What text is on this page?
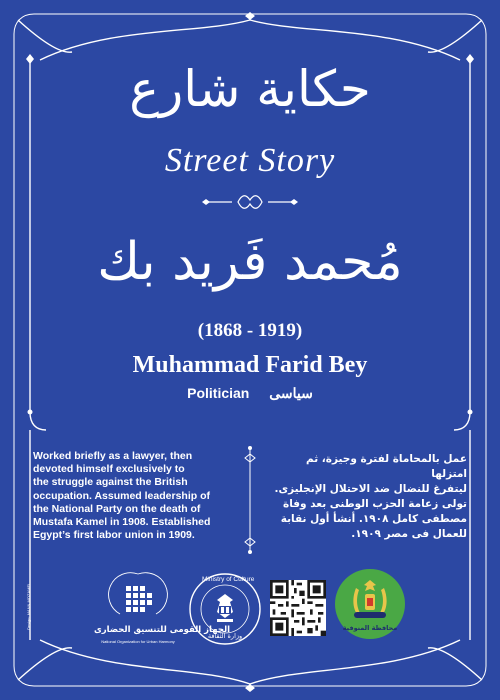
حكاية شارع
Street Story
مُحمد فَريد بك
(1868 - 1919)
Muhammad Farid Bey
Politician سياسى
Worked briefly as a lawyer, then
devoted himself exclusively to
the struggle against the British
occupation. Assumed leadership of
the National Party on the death of
Mustafa Kamel in 1908. Established
Egypt’s first labor union in 1909.
عمل بالمحاماة لفترة وجيزة، ثم امتزلها
ليتفرغ للنضال ضد الاحتلال الإنجليزى.
تولى زعامة الحزب الوطنى بعد وفاة
مصطفى كامل ١٩٠٨. أنشأ أول نقابة
للعمال فى مصر ١٩٠٩.
Design: MANN MOZAMEL	الجهاز القومى للتنسيق الحضارى
National Organization for Urban Harmony
Ministry of Culture
وزارة الثقافة
محافظة المنوفية
